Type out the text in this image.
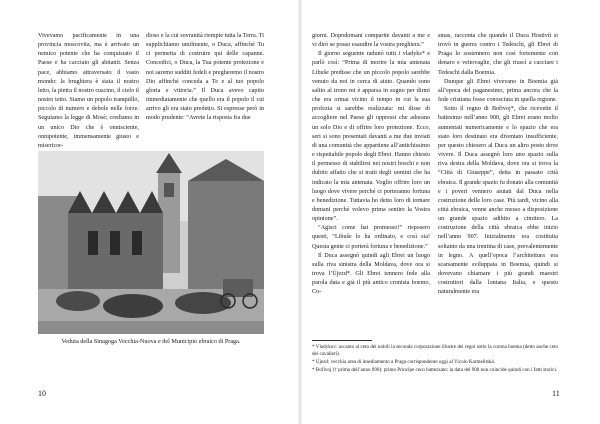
Vivevamo pacificamente in una provincia moscovita, ma è arrivato un nemico potente che ha conquistato il Paese e ha cacciato gli abitanti. Senza pace, abbiamo attraversato il vasto mondo: la brughiera è stata il nostro letto, la pietra il nostro cuscino, il cielo il nostro tetto. Siamo un popolo tranquillo, piccolo di numero e debole nelle forze. Seguiamo la legge di Mosè; crediamo in un unico Dio che è onnisciente, onnipotente, immensamente giusto e misericor-

dioso e la cui sovranità riempie tutta la Terra. Ti supplichiamo umilmente, o Duca, affinché Tu ci permetta di costruire qui delle capanne. Concedici, o Duca, la Tua potente protezione e noi saremo sudditi fedeli e pregheremo il nostro Dio affinché conceda a Te e al tuo popolo gloria e vittoria.” Il Duca avevo capito immediatamente che quello era il popolo il cui arrivo gli era stato predetto. Si espresse però in modo prudente: “Avrete la risposta fra due

Veduta della Sinagoga Vecchia-Nuova e del Municipio ebraico di Praga.
10

giorni. Dopodomani comparite davanti a me e vi dirò se posso esaudire la vostra preghiera.”

Il giorno seguente radunò tutti i vladyks* e parlò così: “Prima di morire la mia antenata Libuše predisse che un piccolo popolo sarebbe venuto da noi in cerca di aiuto. Quando sono salito al trono mi è apparsa in sogno per dirmi che era ormai vicino il tempo in cui la sua profezia si sarebbe realizzata: mi disse di accogliere nel Paese gli oppressi che adorano un solo Dio e di offrire loro protezione. Ecco, seri si sono presentati davanti a me due inviati di una comunità che appartiene all’antichissimo e rispettabile popolo degli Ebrei. Hanno chiesto il permesso di stabilirsi nei nostri boschi e non dubito affatto che si tratti degli uomini che ha indicato la mia antenata. Voglio offrire loro un luogo dove vivere perché ci porteranno fortuna e benedizione. Tuttavia ho detto loro di tornare domani perché volevo prima sentire la Vostra opinione”.

“Agisci come hai promesso!” risposero questi, “Libuše lo ha ordinato, e così sia! Questa gente ci porterà fortuna e benedizione.”

Il Duca assegnò quindi agli Ebrei un luogo sulla riva sinistra della Moldava, dove ora si trova l’Újezd*. Gli Ebrei tennero fede alla parola data e già il più antico cronista boemo, Co-

smas, racconta che quando il Duca Hostivít si trovò in guerra contro i Tedeschi, gli Ebrei di Praga lo sostennero non così fortemente con denaro e vettovaglie, che gli riuscì a cacciare i Tedeschi dalla Boemia.

Dunque gli Ebrei vivevano in Boemia già all’epoca del paganesimo, prima ancora che la fede cristiana fosse conosciuta in quella regione.

Sotto il regno di Bořivoj*, che ricevette il battesimo nell’anno 900, gli Ebrei erano molto aumentati numericamente e lo spazio che era stato loro destinato era diventato insufficiente, per questo chiesero al Duca un altro posto dove vivere. Il Duca assegnò loro uno spazio sulla riva destra della Moldava, dove ora si trova la “Città di Giuseppe”, detta in passato città ebraica. Il grande spazio fu donato alla comunità e i poveri vennero aiutati dal Duca nella costruzione delle loro case. Più tardi, vicino alla città ebraica, venne anche messo a disposizione un grande spazio adibito a cimitero. La costruzione della città ebraica ebbe inizio nell’anno 907. Inizialmente era costituita soltanto da una trentina di case, prevalentemente in legno. A quell’epoca l’architettura era scarsamente sviluppata in Boemia, quindi si dovevano chiamare i più grandi maestri costruttori dalla lontana Italia, e questo naturalmente era

* Vladykov: accanto al ceto dei nobili la seconda corporazione illustre dei regni sotto la corona boema (detto anche ceto dei cavalieri).

* Újezd: vecchia area di insediamento a Praga corrispondente oggi al Vicolo Karmelitská.

* Bořivoj († prima dell’anno 890): primo Principe ceco battezzato: la data del 900 non coincide quindi con i fatti storici.

11
